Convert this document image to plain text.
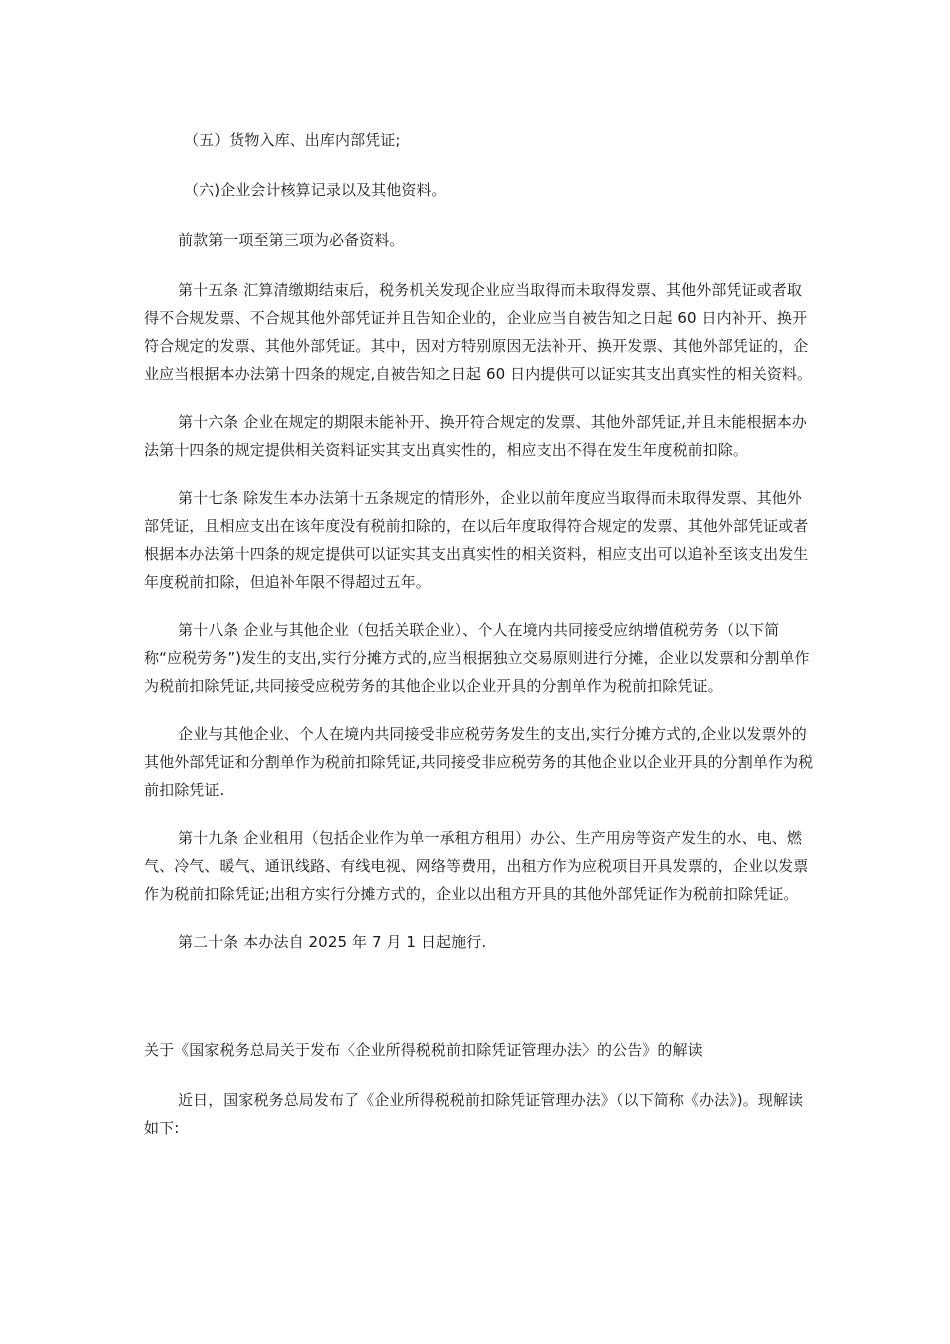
（五）货物入库、出库内部凭证;

（六)企业会计核算记录以及其他资料。

前款第一项至第三项为必备资料。

第十五条 汇算清缴期结束后，税务机关发现企业应当取得而未取得发票、其他外部凭证或者取得不合规发票、不合规其他外部凭证并且告知企业的，企业应当自被告知之日起 60 日内补开、换开符合规定的发票、其他外部凭证。其中，因对方特别原因无法补开、换开发票、其他外部凭证的，企业应当根据本办法第十四条的规定,自被告知之日起 60 日内提供可以证实其支出真实性的相关资料。

第十六条 企业在规定的期限未能补开、换开符合规定的发票、其他外部凭证,并且未能根据本办法第十四条的规定提供相关资料证实其支出真实性的，相应支出不得在发生年度税前扣除。

第十七条 除发生本办法第十五条规定的情形外，企业以前年度应当取得而未取得发票、其他外部凭证，且相应支出在该年度没有税前扣除的，在以后年度取得符合规定的发票、其他外部凭证或者根据本办法第十四条的规定提供可以证实其支出真实性的相关资料，相应支出可以追补至该支出发生年度税前扣除，但追补年限不得超过五年。

第十八条 企业与其他企业（包括关联企业）、个人在境内共同接受应纳增值税劳务（以下简称“应税劳务”)发生的支出,实行分摊方式的,应当根据独立交易原则进行分摊，企业以发票和分割单作为税前扣除凭证,共同接受应税劳务的其他企业以企业开具的分割单作为税前扣除凭证。

企业与其他企业、个人在境内共同接受非应税劳务发生的支出,实行分摊方式的,企业以发票外的其他外部凭证和分割单作为税前扣除凭证,共同接受非应税劳务的其他企业以企业开具的分割单作为税前扣除凭证.

第十九条 企业租用（包括企业作为单一承租方租用）办公、生产用房等资产发生的水、电、燃气、冷气、暖气、通讯线路、有线电视、网络等费用，出租方作为应税项目开具发票的，企业以发票作为税前扣除凭证;出租方实行分摊方式的，企业以出租方开具的其他外部凭证作为税前扣除凭证。

第二十条 本办法自 2025 年 7 月 1 日起施行.

关于《国家税务总局关于发布〈企业所得税税前扣除凭证管理办法〉的公告》的解读

近日，国家税务总局发布了《企业所得税税前扣除凭证管理办法》（以下简称《办法》)。现解读如下:
